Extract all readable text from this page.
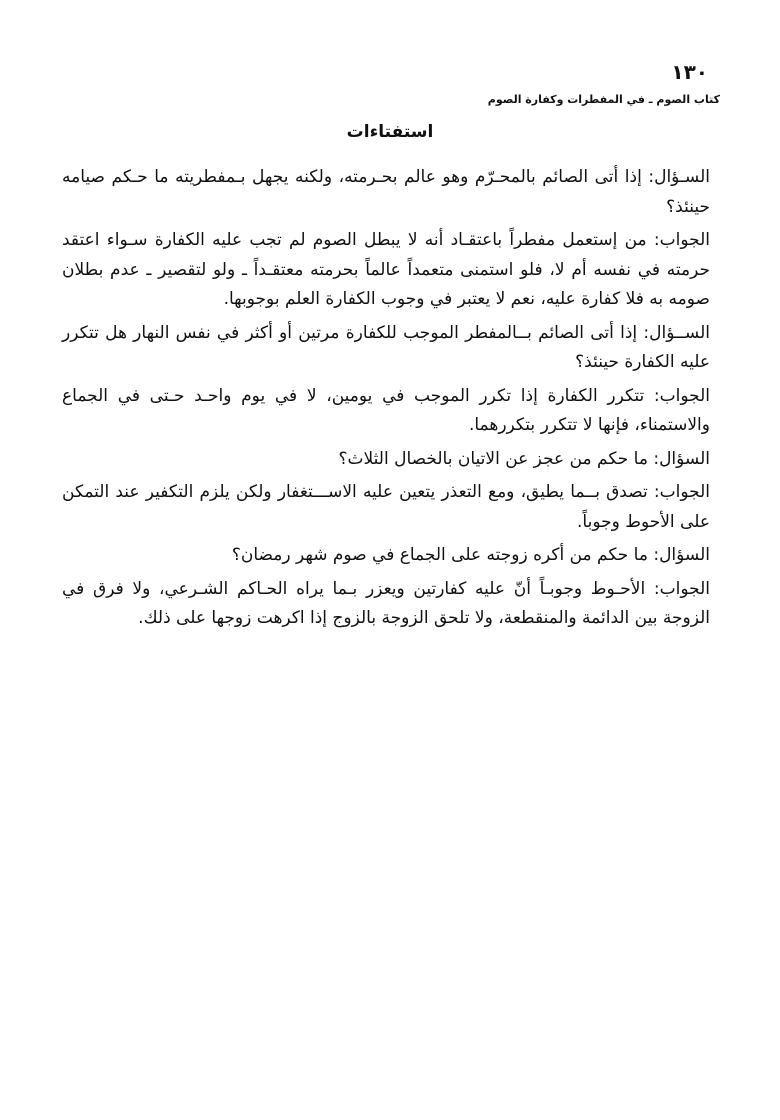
١٣٠
كتاب الصوم ـ في المفطرات وكفارة الصوم
استفتاءات

السـؤال: إذا أتى الصائم بالمحـرّم وهو عالم بحـرمته، ولكنه يجهل بـمفطريته ما حـكم صيامه حينئذ؟

الجواب: من إستعمل مفطراً باعتقـاد أنه لا يبطل الصوم لم تجب عليه الكفارة سـواء اعتقد حرمته في نفسه أم لا، فلو استمنى متعمداً عالماً بحرمته معتقـداً ـ ولو لتقصير ـ عدم بطلان صومه به فلا كفارة عليه، نعم لا يعتبر في وجوب الكفارة العلم بوجوبها.

الســؤال: إذا أتى الصائم بــالمفطر الموجب للكفارة مرتين أو أكثر في نفس النهار هل تتكرر عليه الكفارة حينئذ؟

الجواب: تتكرر الكفارة إذا تكرر الموجب في يومين، لا في يوم واحـد حـتى في الجماع والاستمناء، فإنها لا تتكرر بتكررهما.

السؤال: ما حكم من عجز عن الاتيان بالخصال الثلاث؟

الجواب: تصدق بــما يطيق، ومع التعذر يتعين عليه الاســـتغفار ولكن يلزم التكفير عند التمكن على الأحوط وجوباً.

السؤال: ما حكم من أكره زوجته على الجماع في صوم شهر رمضان؟

الجواب: الأحـوط وجوبـاً أنّ عليه كفارتين ويعزر بـما يراه الحـاكم الشـرعي، ولا فرق في الزوجة بين الدائمة والمنقطعة، ولا تلحق الزوجة بالزوج إذا اكرهت زوجها على ذلك.
